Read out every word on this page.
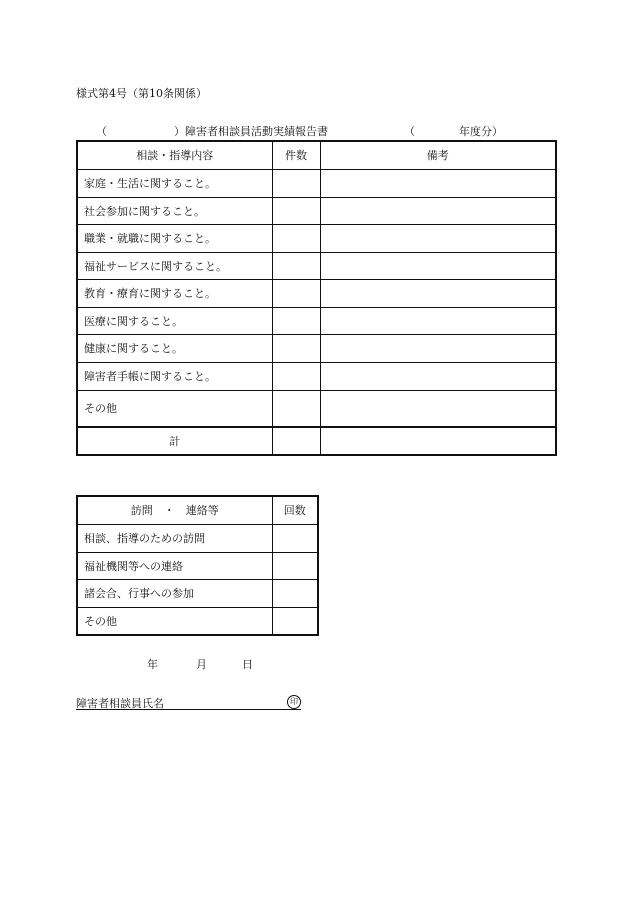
様式第4号（第10条関係）
（	）障害者相談員活動実績報告書	（	年度分）
相談・指導内容	件数	備考
家庭・生活に関すること。		
社会参加に関すること。		
職業・就職に関すること。		
福祉サービスに関すること。		
教育・療育に関すること。		
医療に関すること。		
健康に関すること。		
障害者手帳に関すること。		
その他		
計		
訪問　・　連絡等	回数
相談、指導のための訪問	
福祉機関等への連絡	
諸会合、行事への参加	
その他	
年	月	日
障害者相談員氏名	印
